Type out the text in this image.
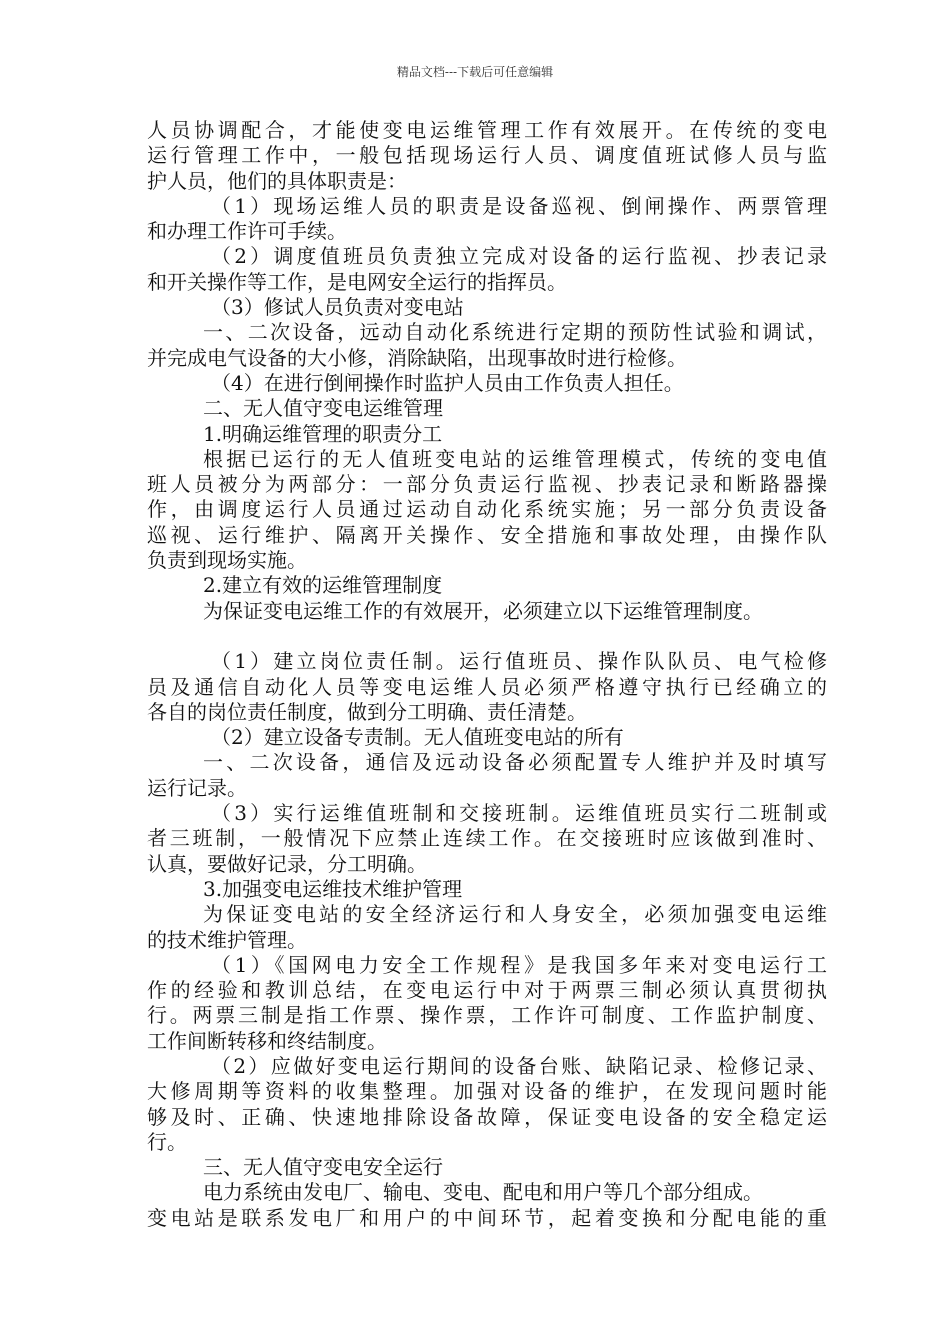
精品文档---下载后可任意编辑
人员协调配合，才能使变电运维管理工作有效展开。在传统的变电
运行管理工作中，一般包括现场运行人员、调度值班试修人员与监
护人员，他们的具体职责是：
（1）现场运维人员的职责是设备巡视、倒闸操作、两票管理
和办理工作许可手续。
（2）调度值班员负责独立完成对设备的运行监视、抄表记录
和开关操作等工作，是电网安全运行的指挥员。
（3）修试人员负责对变电站
一、二次设备，远动自动化系统进行定期的预防性试验和调试，
并完成电气设备的大小修，消除缺陷，出现事故时进行检修。
（4）在进行倒闸操作时监护人员由工作负责人担任。
二、无人值守变电运维管理
1.明确运维管理的职责分工
根据已运行的无人值班变电站的运维管理模式，传统的变电值
班人员被分为两部分：一部分负责运行监视、抄表记录和断路器操
作，由调度运行人员通过运动自动化系统实施；另一部分负责设备
巡视、运行维护、隔离开关操作、安全措施和事故处理，由操作队
负责到现场实施。
2.建立有效的运维管理制度
为保证变电运维工作的有效展开，必须建立以下运维管理制度。
（1）建立岗位责任制。运行值班员、操作队队员、电气检修
员及通信自动化人员等变电运维人员必须严格遵守执行已经确立的
各自的岗位责任制度，做到分工明确、责任清楚。
（2）建立设备专责制。无人值班变电站的所有
一、二次设备，通信及远动设备必须配置专人维护并及时填写
运行记录。
（3）实行运维值班制和交接班制。运维值班员实行二班制或
者三班制，一般情况下应禁止连续工作。在交接班时应该做到准时、
认真，要做好记录，分工明确。
3.加强变电运维技术维护管理
为保证变电站的安全经济运行和人身安全，必须加强变电运维
的技术维护管理。
（1）《国网电力安全工作规程》是我国多年来对变电运行工
作的经验和教训总结，在变电运行中对于两票三制必须认真贯彻执
行。两票三制是指工作票、操作票，工作许可制度、工作监护制度、
工作间断转移和终结制度。
（2）应做好变电运行期间的设备台账、缺陷记录、检修记录、
大修周期等资料的收集整理。加强对设备的维护，在发现问题时能
够及时、正确、快速地排除设备故障，保证变电设备的安全稳定运
行。
三、无人值守变电安全运行
电力系统由发电厂、输电、变电、配电和用户等几个部分组成。
变电站是联系发电厂和用户的中间环节，起着变换和分配电能的重
